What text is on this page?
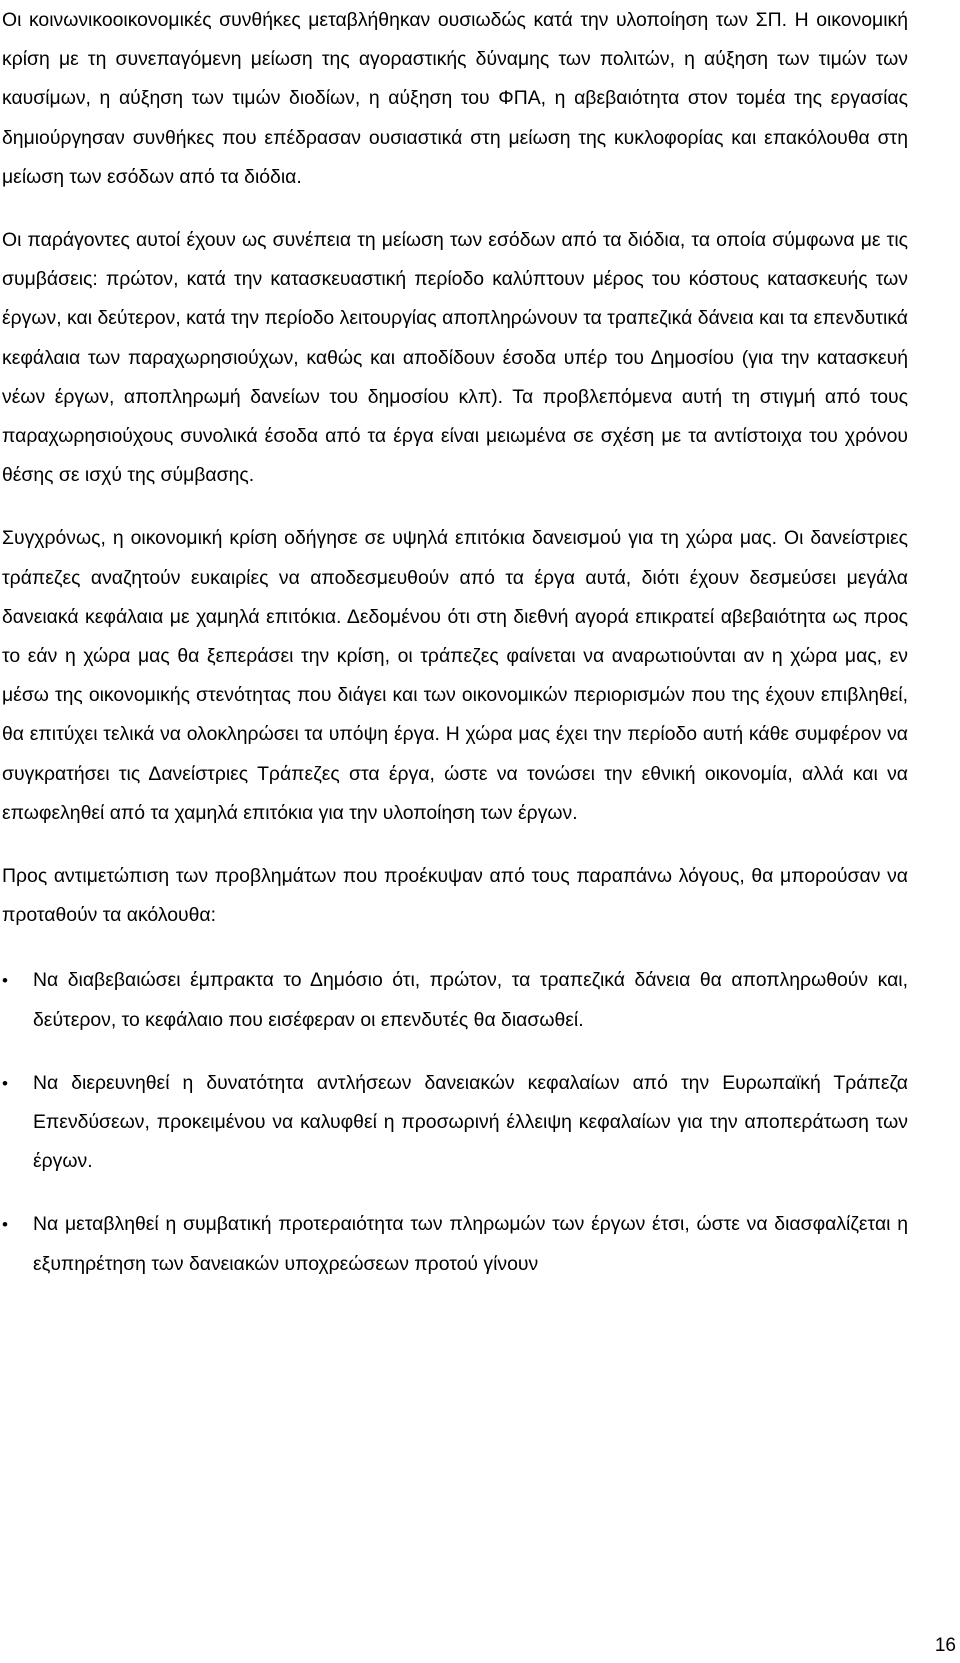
Οι κοινωνικοοικονομικές συνθήκες μεταβλήθηκαν ουσιωδώς κατά την υλοποίηση των ΣΠ. Η οικονομική κρίση με τη συνεπαγόμενη μείωση της αγοραστικής δύναμης των πολιτών, η αύξηση των τιμών των καυσίμων, η αύξηση των τιμών διοδίων, η αύξηση του ΦΠΑ, η αβεβαιότητα στον τομέα της εργασίας δημιούργησαν συνθήκες που επέδρασαν ουσιαστικά στη μείωση της κυκλοφορίας και επακόλουθα στη μείωση των εσόδων από τα διόδια.

Οι παράγοντες αυτοί έχουν ως συνέπεια τη μείωση των εσόδων από τα διόδια, τα οποία σύμφωνα με τις συμβάσεις: πρώτον, κατά την κατασκευαστική περίοδο καλύπτουν μέρος του κόστους κατασκευής των έργων, και δεύτερον, κατά την περίοδο λειτουργίας αποπληρώνουν τα τραπεζικά δάνεια και τα επενδυτικά κεφάλαια των παραχωρησιούχων, καθώς και αποδίδουν έσοδα υπέρ του Δημοσίου (για την κατασκευή νέων έργων, αποπληρωμή δανείων του δημοσίου κλπ). Τα προβλεπόμενα αυτή τη στιγμή από τους παραχωρησιούχους συνολικά έσοδα από τα έργα είναι μειωμένα σε σχέση με τα αντίστοιχα του χρόνου θέσης σε ισχύ της σύμβασης.

Συγχρόνως, η οικονομική κρίση οδήγησε σε υψηλά επιτόκια δανεισμού για τη χώρα μας. Οι δανείστριες τράπεζες αναζητούν ευκαιρίες να αποδεσμευθούν από τα έργα αυτά, διότι έχουν δεσμεύσει μεγάλα δανειακά κεφάλαια με χαμηλά επιτόκια. Δεδομένου ότι στη διεθνή αγορά επικρατεί αβεβαιότητα ως προς το εάν η χώρα μας θα ξεπεράσει την κρίση, οι τράπεζες φαίνεται να αναρωτιούνται αν η χώρα μας, εν μέσω της οικονομικής στενότητας που διάγει και των οικονομικών περιορισμών που της έχουν επιβληθεί, θα επιτύχει τελικά να ολοκληρώσει τα υπόψη έργα. Η χώρα μας έχει την περίοδο αυτή κάθε συμφέρον να συγκρατήσει τις Δανείστριες Τράπεζες στα έργα, ώστε να τονώσει την εθνική οικονομία, αλλά και να επωφεληθεί από τα χαμηλά επιτόκια για την υλοποίηση των έργων.

Προς αντιμετώπιση των προβλημάτων που προέκυψαν από τους παραπάνω λόγους, θα μπορούσαν να προταθούν τα ακόλουθα:

•	Να διαβεβαιώσει έμπρακτα το Δημόσιο ότι, πρώτον, τα τραπεζικά δάνεια θα αποπληρωθούν και, δεύτερον, το κεφάλαιο που εισέφεραν οι επενδυτές θα διασωθεί.
•	Να διερευνηθεί η δυνατότητα αντλήσεων δανειακών κεφαλαίων από την Ευρωπαϊκή Τράπεζα Επενδύσεων, προκειμένου να καλυφθεί η προσωρινή έλλειψη κεφαλαίων για την αποπεράτωση των έργων.
•	Να μεταβληθεί η συμβατική προτεραιότητα των πληρωμών των έργων έτσι, ώστε να διασφαλίζεται η εξυπηρέτηση των δανειακών υποχρεώσεων προτού γίνουν
16
